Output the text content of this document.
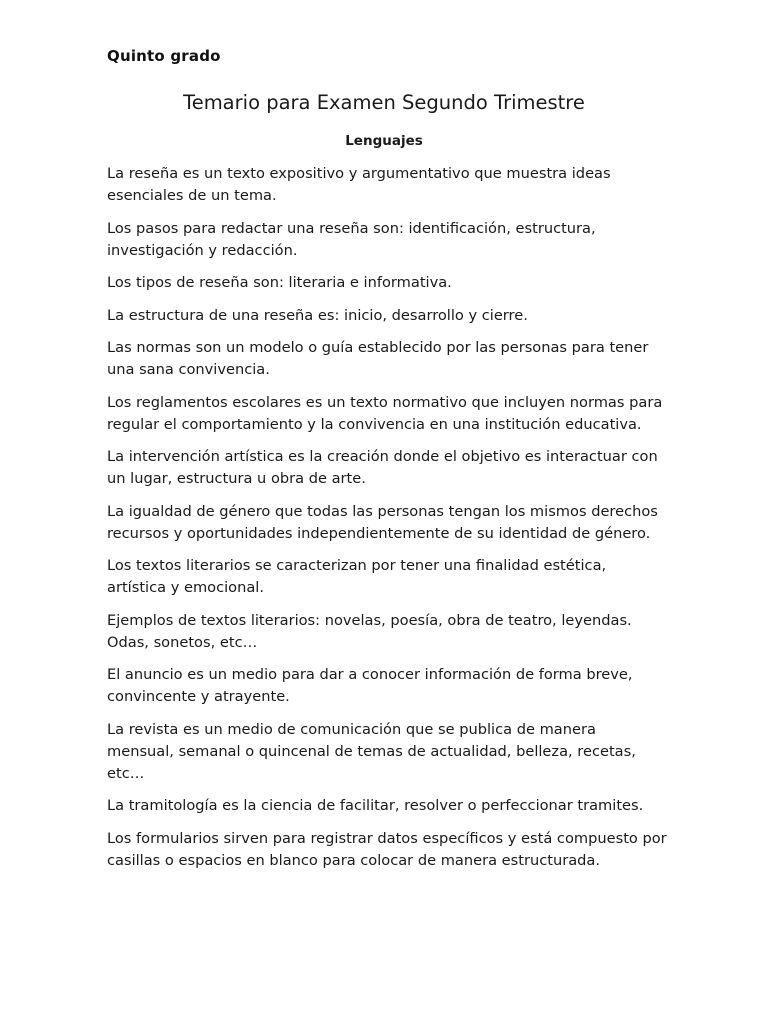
Quinto grado
Temario para Examen Segundo Trimestre
Lenguajes

La reseña es un texto expositivo y argumentativo que muestra ideas esenciales de un tema.

Los pasos para redactar una reseña son: identificación, estructura, investigación y redacción.

Los tipos de reseña son: literaria e informativa.

La estructura de una reseña es: inicio, desarrollo y cierre.

Las normas son un modelo o guía establecido por las personas para tener una sana convivencia.

Los reglamentos escolares es un texto normativo que incluyen normas para regular el comportamiento y la convivencia en una institución educativa.

La intervención artística es la creación donde el objetivo es interactuar con un lugar, estructura u obra de arte.

La igualdad de género que todas las personas tengan los mismos derechos recursos y oportunidades independientemente de su identidad de género.

Los textos literarios se caracterizan por tener una finalidad estética, artística y emocional.

Ejemplos de textos literarios: novelas, poesía, obra de teatro, leyendas. Odas, sonetos, etc…

El anuncio es un medio para dar a conocer información de forma breve, convincente y atrayente.

La revista es un medio de comunicación que se publica de manera mensual, semanal o quincenal de temas de actualidad, belleza, recetas, etc…

La tramitología es la ciencia de facilitar, resolver o perfeccionar tramites.

Los formularios sirven para registrar datos específicos y está compuesto por casillas o espacios en blanco para colocar de manera estructurada.
